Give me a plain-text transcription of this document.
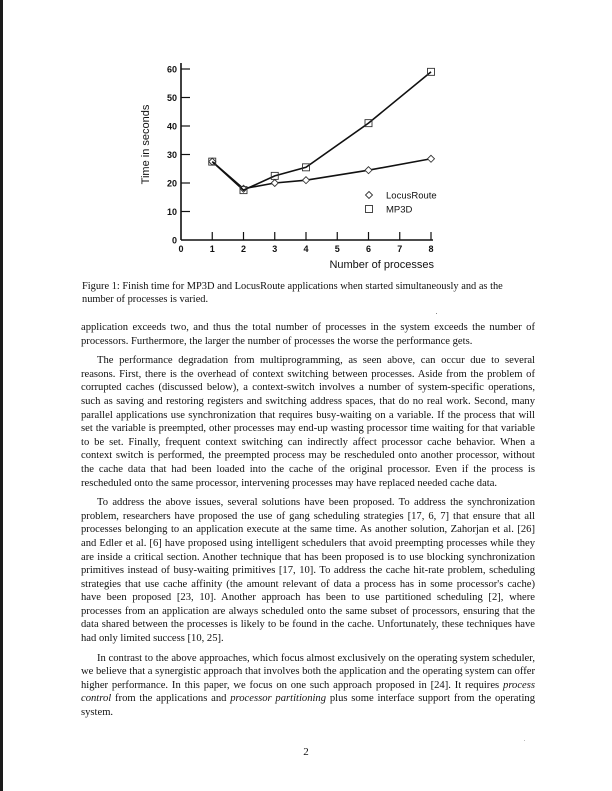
0
10
20
30
40
50
60
0	1	2	3	4	5	6	7	8
Number of processes
Time in seconds
LocusRoute
MP3D
Figure 1: Finish time for MP3D and LocusRoute applications when started simultaneously and as the number of processes is varied.

application exceeds two, and thus the total number of processes in the system exceeds the number of processors. Furthermore, the larger the number of processes the worse the performance gets.

The performance degradation from multiprogramming, as seen above, can occur due to several reasons. First, there is the overhead of context switching between processes. Aside from the problem of corrupted caches (discussed below), a context-switch involves a number of system-specific operations, such as saving and restoring registers and switching address spaces, that do no real work. Second, many parallel applications use synchronization that requires busy-waiting on a variable. If the process that will set the variable is preempted, other processes may end-up wasting processor time waiting for that variable to be set. Finally, frequent context switching can indirectly affect processor cache behavior. When a context switch is performed, the preempted process may be rescheduled onto another processor, without the cache data that had been loaded into the cache of the original processor. Even if the process is rescheduled onto the same processor, intervening processes may have replaced needed cache data.

To address the above issues, several solutions have been proposed. To address the synchronization problem, researchers have proposed the use of gang scheduling strategies [17, 6, 7] that ensure that all processes belonging to an application execute at the same time. As another solution, Zahorjan et al. [26] and Edler et al. [6] have proposed using intelligent schedulers that avoid preempting processes while they are inside a critical section. Another technique that has been proposed is to use blocking synchronization primitives instead of busy-waiting primitives [17, 10]. To address the cache hit-rate problem, scheduling strategies that use cache affinity (the amount relevant of data a process has in some processor's cache) have been proposed [23, 10]. Another approach has been to use partitioned scheduling [2], where processes from an application are always scheduled onto the same subset of processors, ensuring that the data shared between the processes is likely to be found in the cache. Unfortunately, these techniques have had only limited success [10, 25].

In contrast to the above approaches, which focus almost exclusively on the operating system scheduler, we believe that a synergistic approach that involves both the application and the operating system can offer higher performance. In this paper, we focus on one such approach proposed in [24]. It requires process control from the applications and processor partitioning plus some interface support from the operating system.

2
